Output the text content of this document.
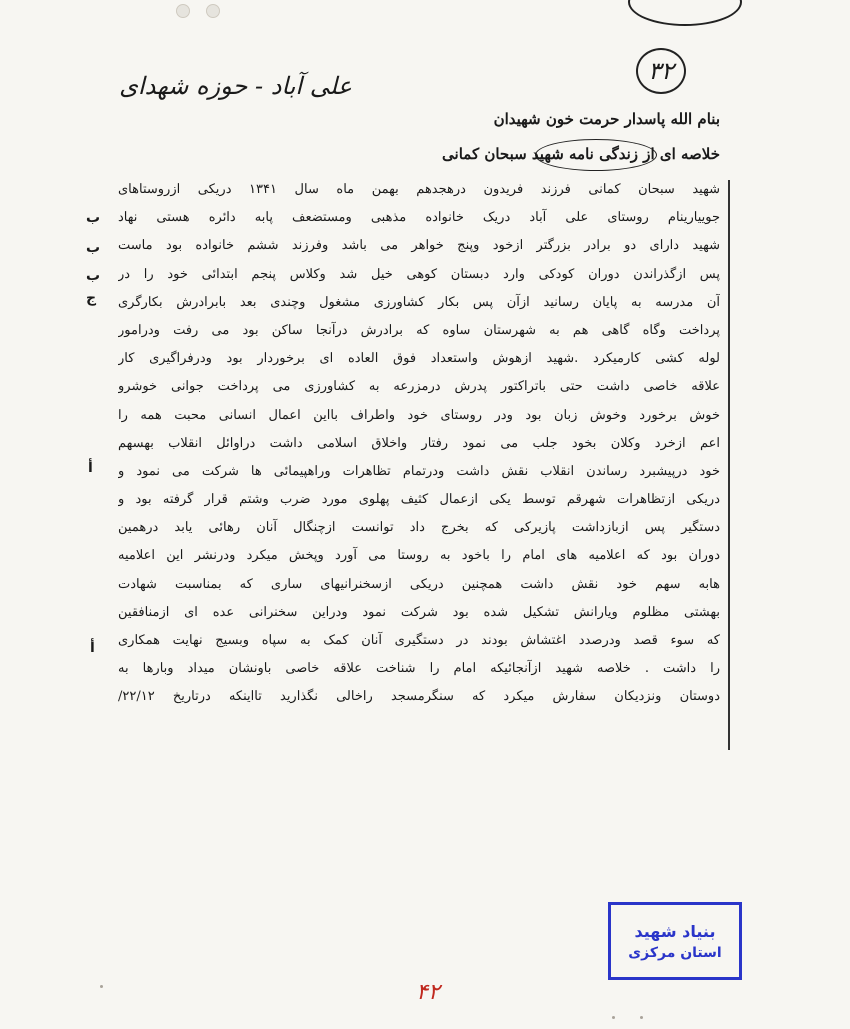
۳۲
علی آباد - حوزه شهدای
بنام الله پاسدار حرمت خون شهیدان
خلاصه ای از زندگی نامه شهید سبحان کمانی
شهید سبحان کمانی فرزند فریدون درهجدهم بهمن ماه سال ۱۳۴۱ دریکی ازروستاهای
جوییارینام روستای علی آباد دریک خانواده مذهبی ومستضعف پابه دائره هستی نهاد
شهید دارای دو برادر بزرگتر ازخود وپنج خواهر می باشد وفرزند ششم خانواده بود ماست
پس ازگذراندن دوران کودکی وارد دبستان کوهی خیل شد وکلاس پنجم ابتدائی خود را در
آن مدرسه به پایان رسانید ازآن پس بکار کشاورزی مشغول وچندی بعد بابرادرش بکارگری
پرداخت وگاه گاهی هم به شهرستان ساوه که برادرش درآنجا ساکن بود می رفت ودرامور
لوله کشی کارمیکرد .شهید ازهوش واستعداد فوق العاده ای برخوردار بود ودرفراگیری کار
علاقه خاصی داشت حتی باتراکتور پدرش درمزرعه به کشاورزی می پرداخت جوانی خوشرو
خوش برخورد وخوش زبان بود ودر روستای خود واطراف بااین اعمال انسانی محبت همه را
اعم ازخرد وکلان بخود جلب می نمود رفتار واخلاق اسلامی داشت دراوائل انقلاب بهسهم
خود درپیشبرد رساندن انقلاب نقش داشت ودرتمام تظاهرات وراهپیمائی ها شرکت می نمود و
دریکی ازتظاهرات شهرقم توسط یکی ازعمال کثیف پهلوی مورد ضرب وشتم قرار گرفته بود و
دستگیر پس ازبازداشت پازیرکی که بخرج داد توانست ازچنگال آنان رهائی یابد درهمین
دوران بود که اعلامیه های امام را باخود به روستا می آورد وپخش میکرد ودرنشر این اعلامیه
هابه سهم خود نقش داشت همچنین دریکی ازسخنرانیهای ساری که بمناسبت شهادت
بهشتی مظلوم ویارانش تشکیل شده بود شرکت نمود ودراین سخنرانی عده ای ازمنافقین
که سوء قصد ودرصدد اغتشاش بودند در دستگیری آنان کمک به سپاه وبسیج نهایت همکاری
را داشت . خلاصه شهید ازآنجائیکه امام را شناخت علاقه خاصی باونشان میداد وبارها به
دوستان ونزدیکان سفارش میکرد که سنگرمسجد راخالی نگذارید تااینکه درتاریخ ۲۲/۱۲/
ب
ب
ب
ج
أ
أ
بنیاد شهید
استان مرکزی
۴۲
